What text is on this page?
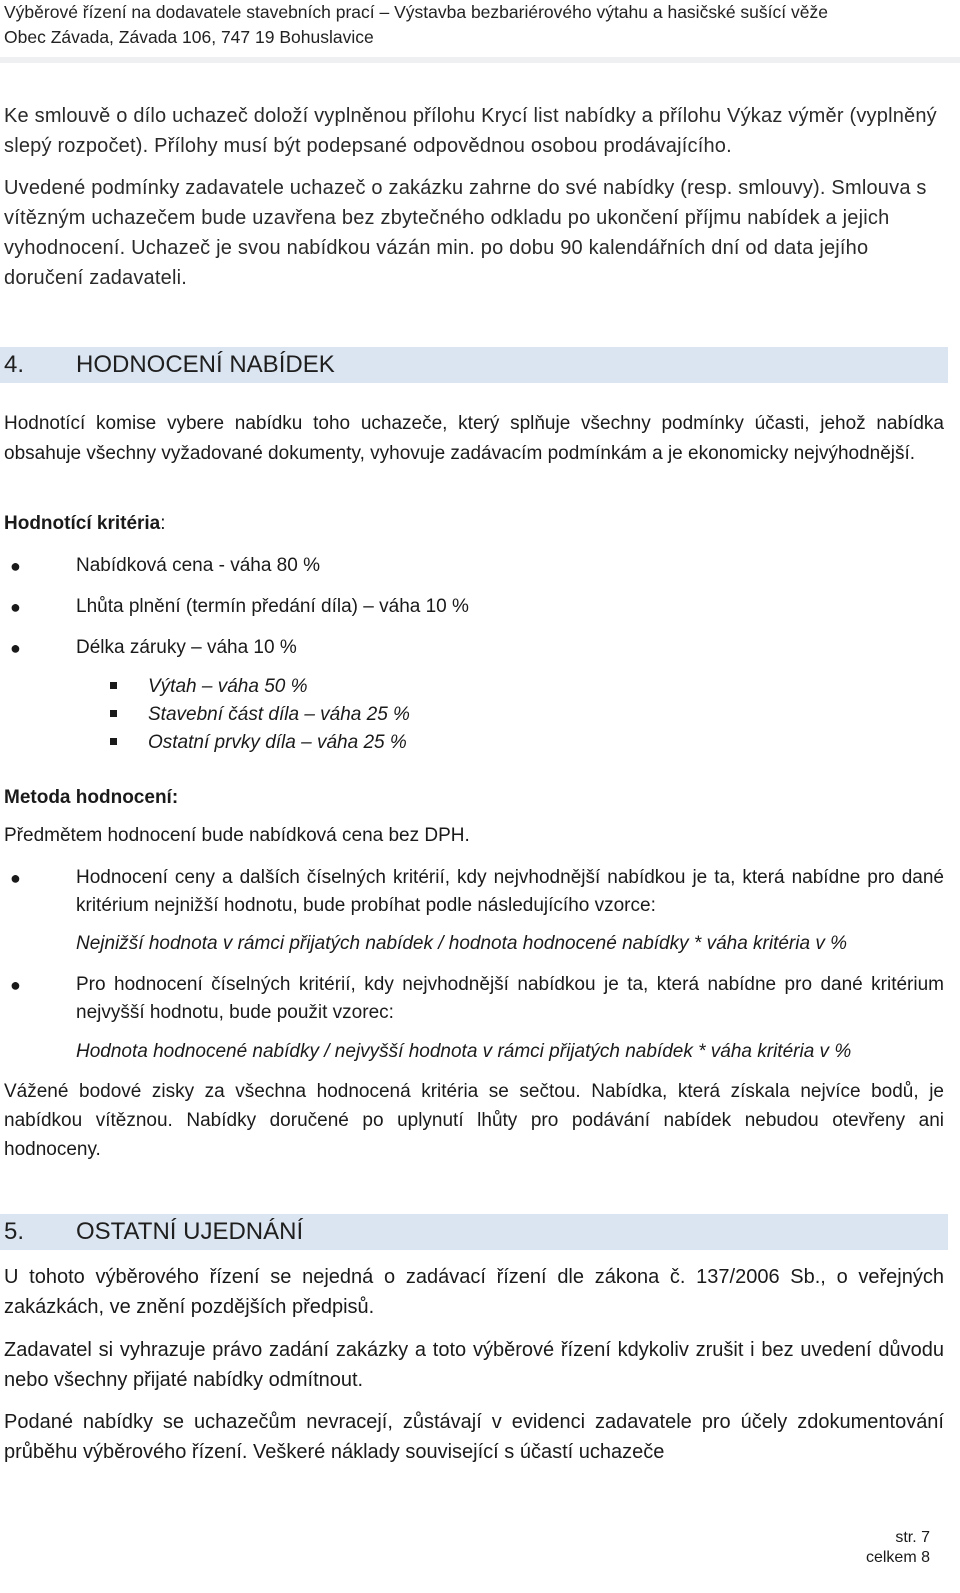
Výběrové řízení na dodavatele stavebních prací – Výstavba bezbariérového výtahu a hasičské sušící věže
Obec Závada, Závada 106, 747 19 Bohuslavice
Ke smlouvě o dílo uchazeč doloží vyplněnou přílohu Krycí list nabídky a přílohu Výkaz výměr (vyplněný slepý rozpočet). Přílohy musí být podepsané odpovědnou osobou prodávajícího.
Uvedené podmínky zadavatele uchazeč o zakázku zahrne do své nabídky (resp. smlouvy). Smlouva s vítězným uchazečem bude uzavřena bez zbytečného odkladu po ukončení příjmu nabídek a jejich vyhodnocení. Uchazeč je svou nabídkou vázán min. po dobu 90 kalendářních dní od data jejího doručení zadavateli.
4. HODNOCENÍ NABÍDEK
Hodnotící komise vybere nabídku toho uchazeče, který splňuje všechny podmínky účasti, jehož nabídka obsahuje všechny vyžadované dokumenty, vyhovuje zadávacím podmínkám a je ekonomicky nejvýhodnější.
Hodnotící kritéria:
●	Nabídková cena - váha 80 %
●	Lhůta plnění (termín předání díla) – váha 10 %
●	Délka záruky – váha 10 %
Výtah – váha 50 %
Stavební část díla – váha 25 %
Ostatní prvky díla – váha 25 %
Metoda hodnocení:
Předmětem hodnocení bude nabídková cena bez DPH.
●	Hodnocení ceny a dalších číselných kritérií, kdy nejvhodnější nabídkou je ta, která nabídne pro dané kritérium nejnižší hodnotu, bude probíhat podle následujícího vzorce:
Nejnižší hodnota v rámci přijatých nabídek / hodnota hodnocené nabídky * váha kritéria v %
●	Pro hodnocení číselných kritérií, kdy nejvhodnější nabídkou je ta, která nabídne pro dané kritérium nejvyšší hodnotu, bude použit vzorec:
Hodnota hodnocené nabídky / nejvyšší hodnota v rámci přijatých nabídek * váha kritéria v %
Vážené bodové zisky za všechna hodnocená kritéria se sečtou. Nabídka, která získala nejvíce bodů, je nabídkou vítěznou. Nabídky doručené po uplynutí lhůty pro podávání nabídek nebudou otevřeny ani hodnoceny.
5. OSTATNÍ UJEDNÁNÍ
U tohoto výběrového řízení se nejedná o zadávací řízení dle zákona č. 137/2006 Sb., o veřejných zakázkách, ve znění pozdějších předpisů.
Zadavatel si vyhrazuje právo zadání zakázky a toto výběrové řízení kdykoliv zrušit i bez uvedení důvodu nebo všechny přijaté nabídky odmítnout.
Podané nabídky se uchazečům nevracejí, zůstávají v evidenci zadavatele pro účely zdokumentování průběhu výběrového řízení. Veškeré náklady související s účastí uchazeče
str. 7
celkem 8
